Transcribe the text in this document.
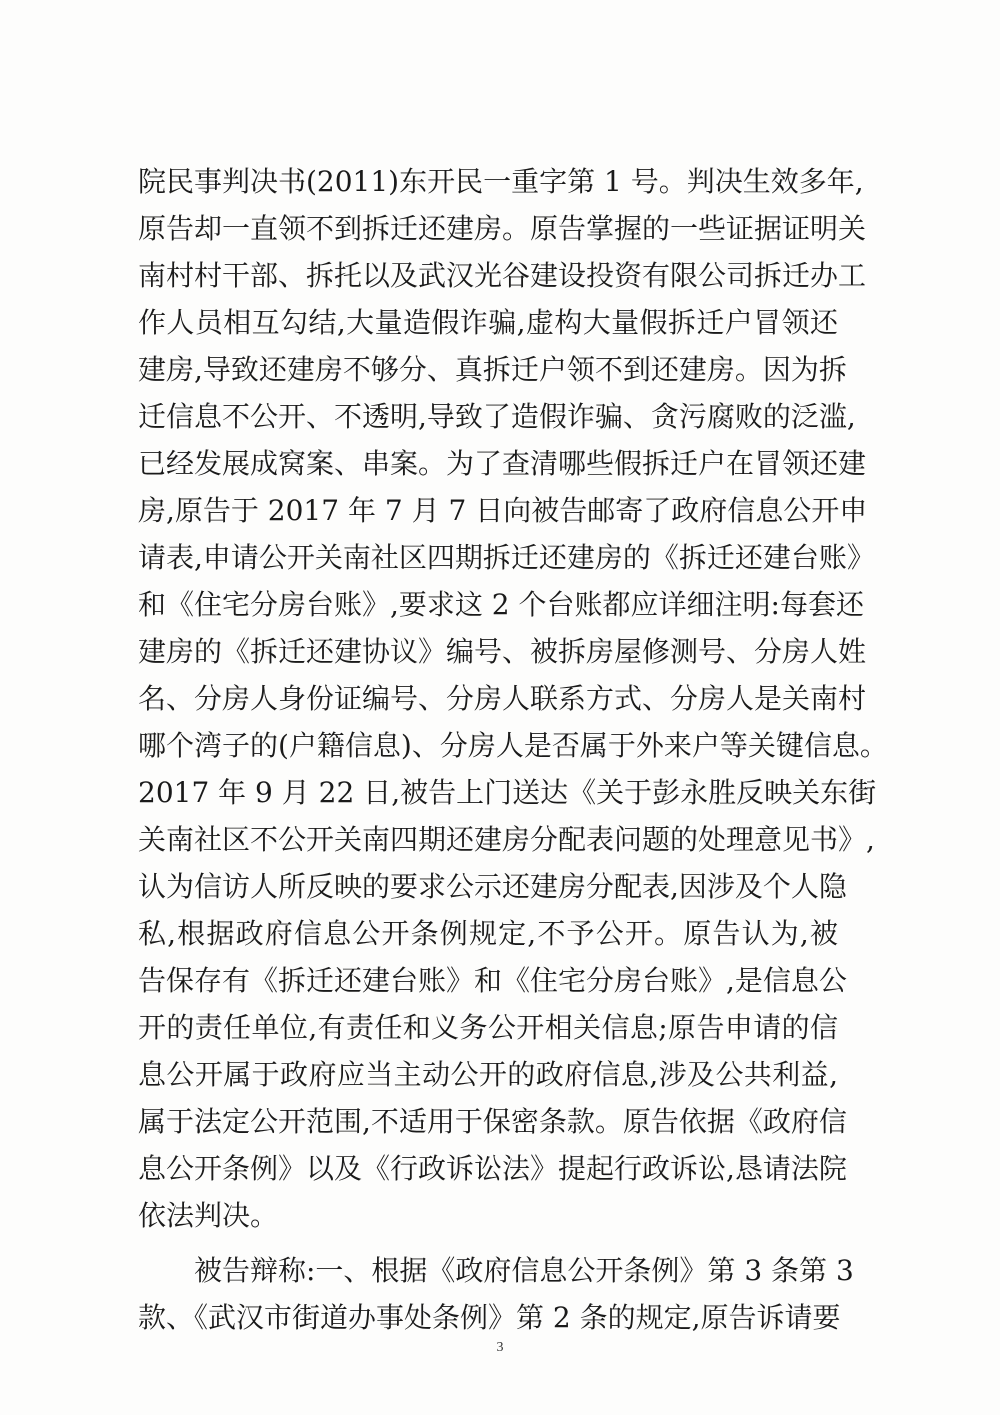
院民事判决书(2011)东开民一重字第 1 号。判决生效多年,
原告却一直领不到拆迁还建房。原告掌握的一些证据证明关
南村村干部、拆托以及武汉光谷建设投资有限公司拆迁办工
作人员相互勾结,大量造假诈骗,虚构大量假拆迁户冒领还
建房,导致还建房不够分、真拆迁户领不到还建房。因为拆
迁信息不公开、不透明,导致了造假诈骗、贪污腐败的泛滥,
已经发展成窝案、串案。为了查清哪些假拆迁户在冒领还建
房,原告于 2017 年 7 月 7 日向被告邮寄了政府信息公开申
请表,申请公开关南社区四期拆迁还建房的《拆迁还建台账》
和《住宅分房台账》,要求这 2 个台账都应详细注明:每套还
建房的《拆迁还建协议》编号、被拆房屋修测号、分房人姓
名、分房人身份证编号、分房人联系方式、分房人是关南村
哪个湾子的(户籍信息)、分房人是否属于外来户等关键信息。
2017 年 9 月 22 日,被告上门送达《关于彭永胜反映关东街
关南社区不公开关南四期还建房分配表问题的处理意见书》,
认为信访人所反映的要求公示还建房分配表,因涉及个人隐
私,根据政府信息公开条例规定,不予公开。原告认为,被
告保存有《拆迁还建台账》和《住宅分房台账》,是信息公
开的责任单位,有责任和义务公开相关信息;原告申请的信
息公开属于政府应当主动公开的政府信息,涉及公共利益,
属于法定公开范围,不适用于保密条款。原告依据《政府信
息公开条例》以及《行政诉讼法》提起行政诉讼,恳请法院
依法判决。
被告辩称:一、根据《政府信息公开条例》第 3 条第 3
款、《武汉市街道办事处条例》第 2 条的规定,原告诉请要
3
